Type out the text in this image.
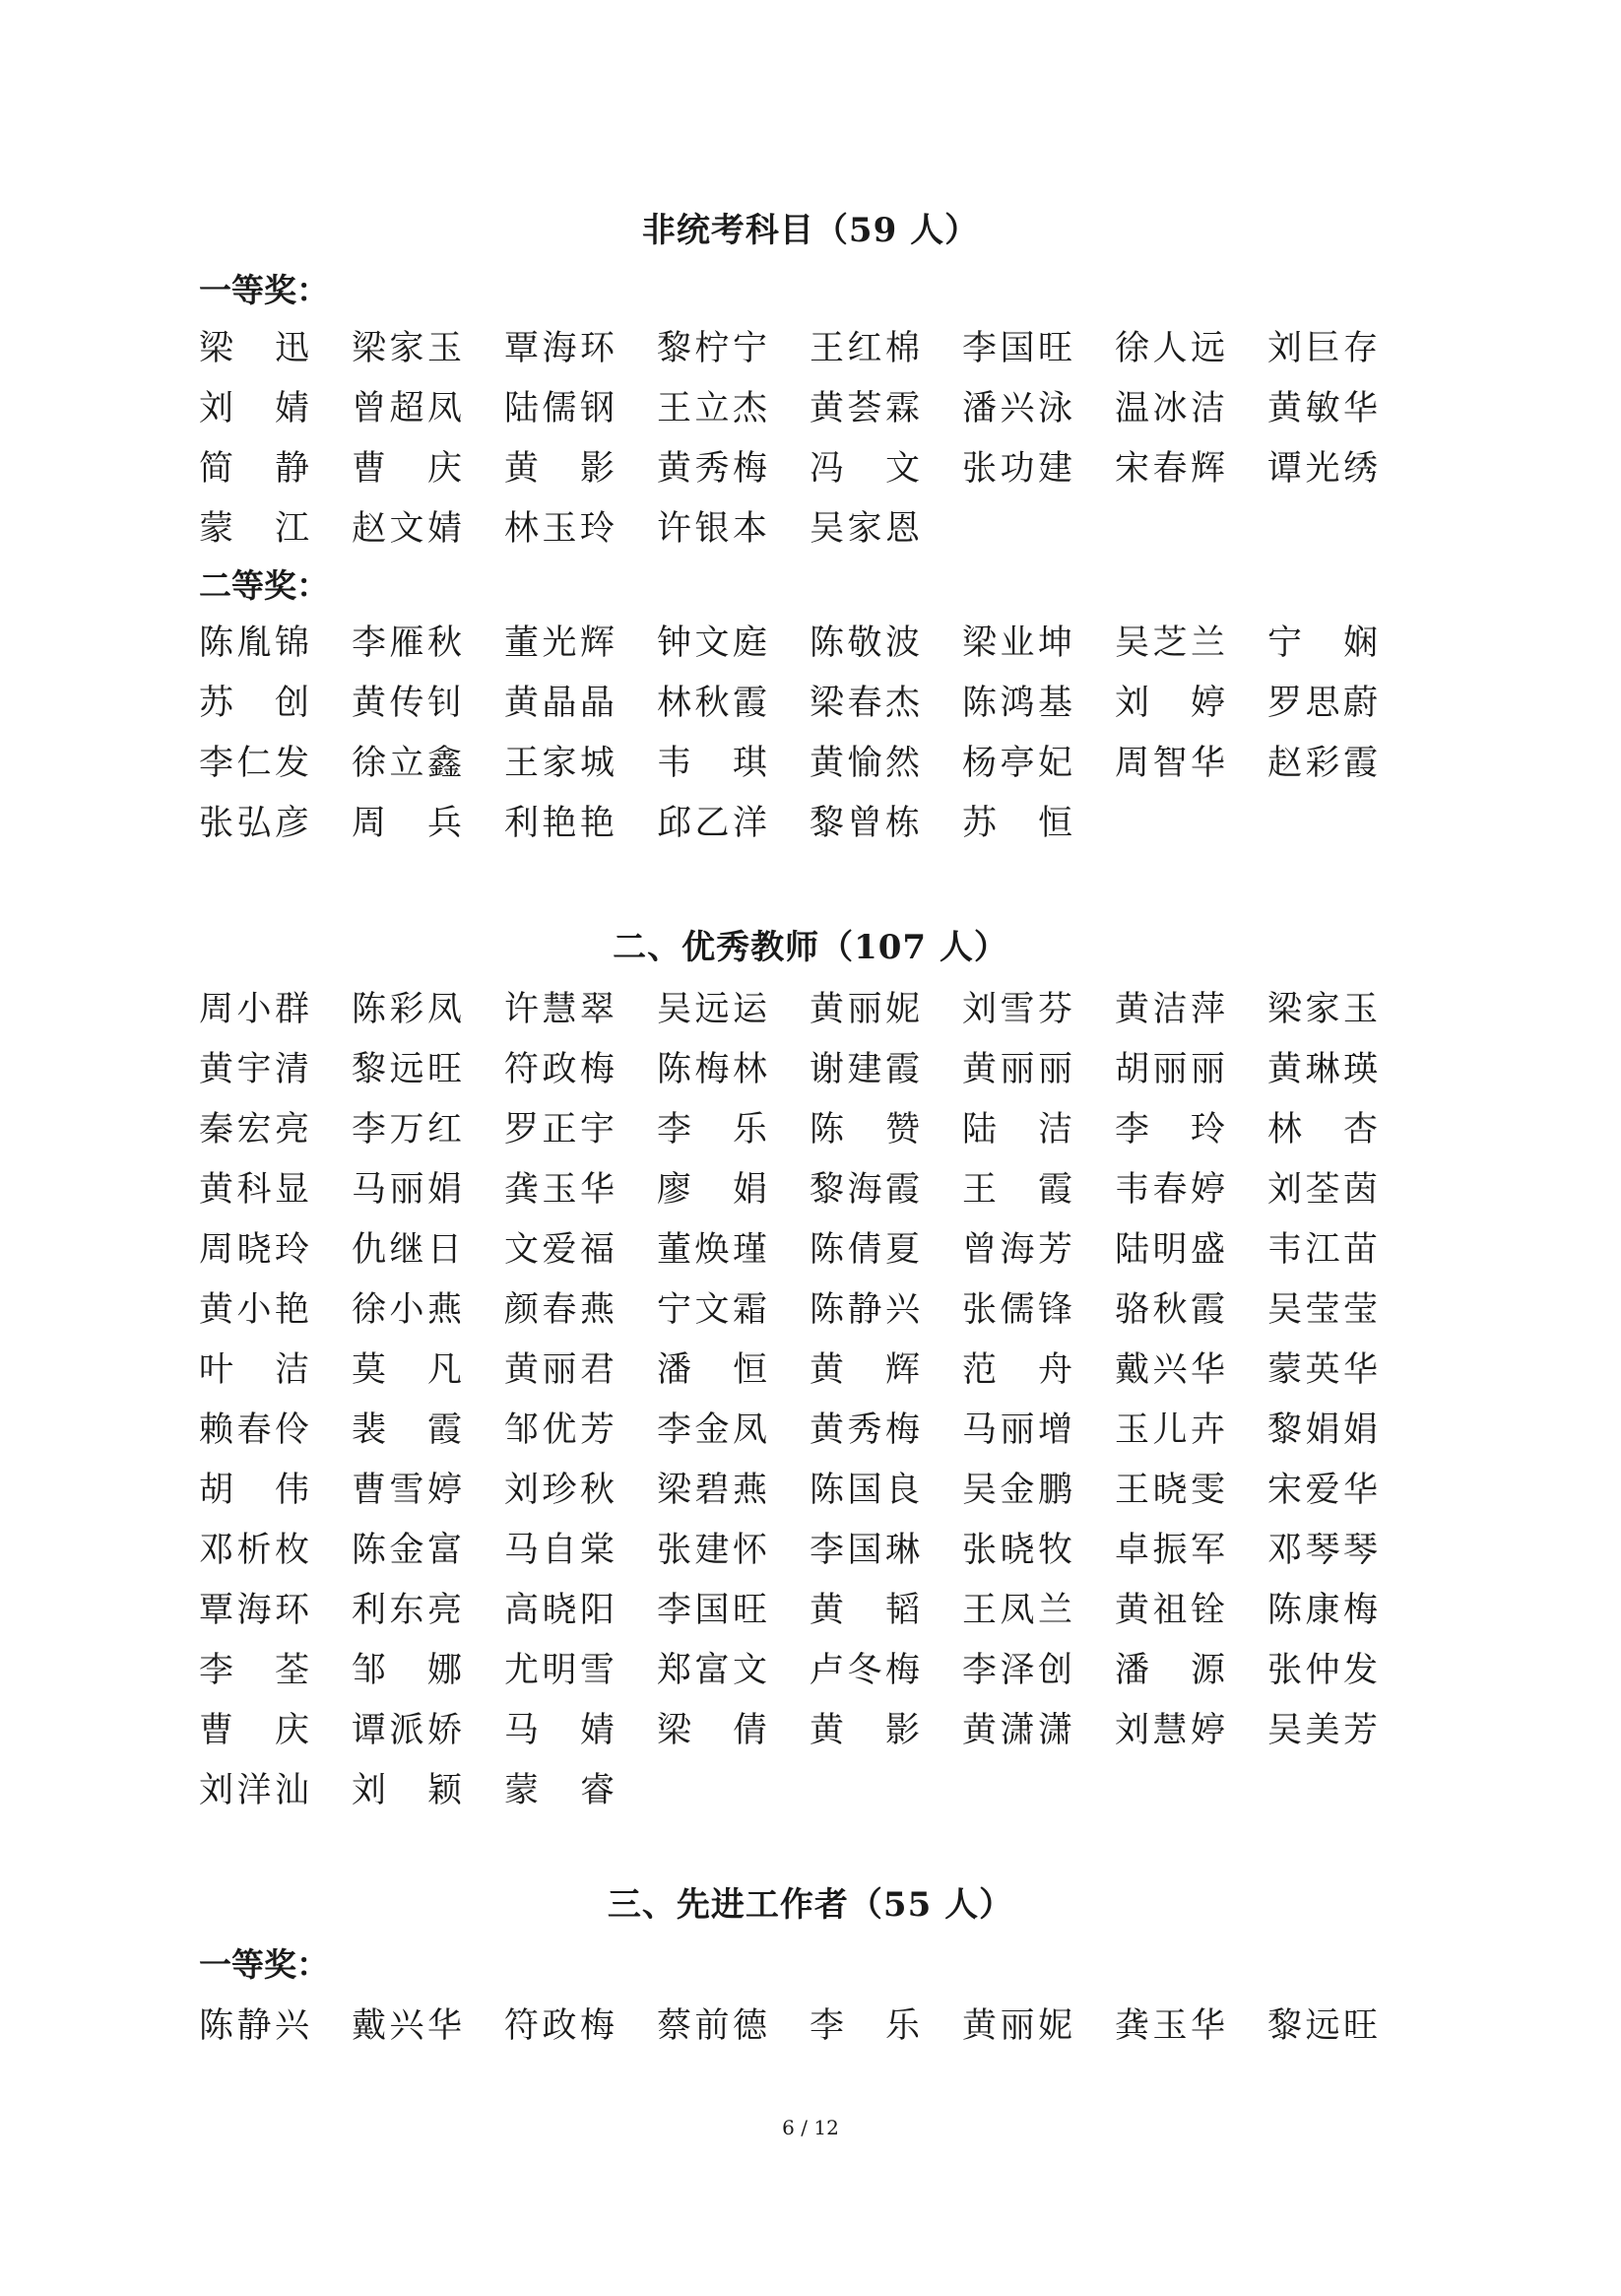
非统考科目（59 人）
一等奖：
梁 迅 梁家玉 覃海环 黎柠宁 王红棉 李国旺 徐人远 刘巨存
刘 婧 曾超凤 陆儒钢 王立杰 黄荟霖 潘兴泳 温冰洁 黄敏华
简 静 曹 庆 黄 影 黄秀梅 冯 文 张功建 宋春辉 谭光绣
蒙 江 赵文婧 林玉玲 许银本 吴家恩
二等奖：
陈胤锦 李雁秋 董光辉 钟文庭 陈敬波 梁业坤 吴芝兰 宁 娴
苏 创 黄传钊 黄晶晶 林秋霞 梁春杰 陈鸿基 刘 婷 罗思蔚
李仁发 徐立鑫 王家城 韦 琪 黄愉然 杨亭妃 周智华 赵彩霞
张弘彦 周 兵 利艳艳 邱乙洋 黎曾栋 苏 恒
二、优秀教师（107 人）
周小群 陈彩凤 许慧翠 吴远运 黄丽妮 刘雪芬 黄洁萍 梁家玉
黄宇清 黎远旺 符政梅 陈梅林 谢建霞 黄丽丽 胡丽丽 黄琳瑛
秦宏亮 李万红 罗正宇 李 乐 陈 赞 陆 洁 李 玲 林 杏
黄科显 马丽娟 龚玉华 廖 娟 黎海霞 王 霞 韦春婷 刘荃茵
周晓玲 仇继日 文爱福 董焕瑾 陈倩夏 曾海芳 陆明盛 韦江苗
黄小艳 徐小燕 颜春燕 宁文霜 陈静兴 张儒锋 骆秋霞 吴莹莹
叶 洁 莫 凡 黄丽君 潘 恒 黄 辉 范 舟 戴兴华 蒙英华
赖春伶 裴 霞 邹优芳 李金凤 黄秀梅 马丽增 玉儿卉 黎娟娟
胡 伟 曹雪婷 刘珍秋 梁碧燕 陈国良 吴金鹏 王晓雯 宋爱华
邓析枚 陈金富 马自棠 张建怀 李国琳 张晓牧 卓振军 邓琴琴
覃海环 利东亮 高晓阳 李国旺 黄 韬 王凤兰 黄祖铨 陈康梅
李 荃 邹 娜 尤明雪 郑富文 卢冬梅 李泽创 潘 源 张仲发
曹 庆 谭派娇 马 婧 梁 倩 黄 影 黄潇潇 刘慧婷 吴美芳
刘洋汕 刘 颖 蒙 睿
三、先进工作者（55 人）
一等奖：
陈静兴 戴兴华 符政梅 蔡前德 李 乐 黄丽妮 龚玉华 黎远旺
6 / 12
